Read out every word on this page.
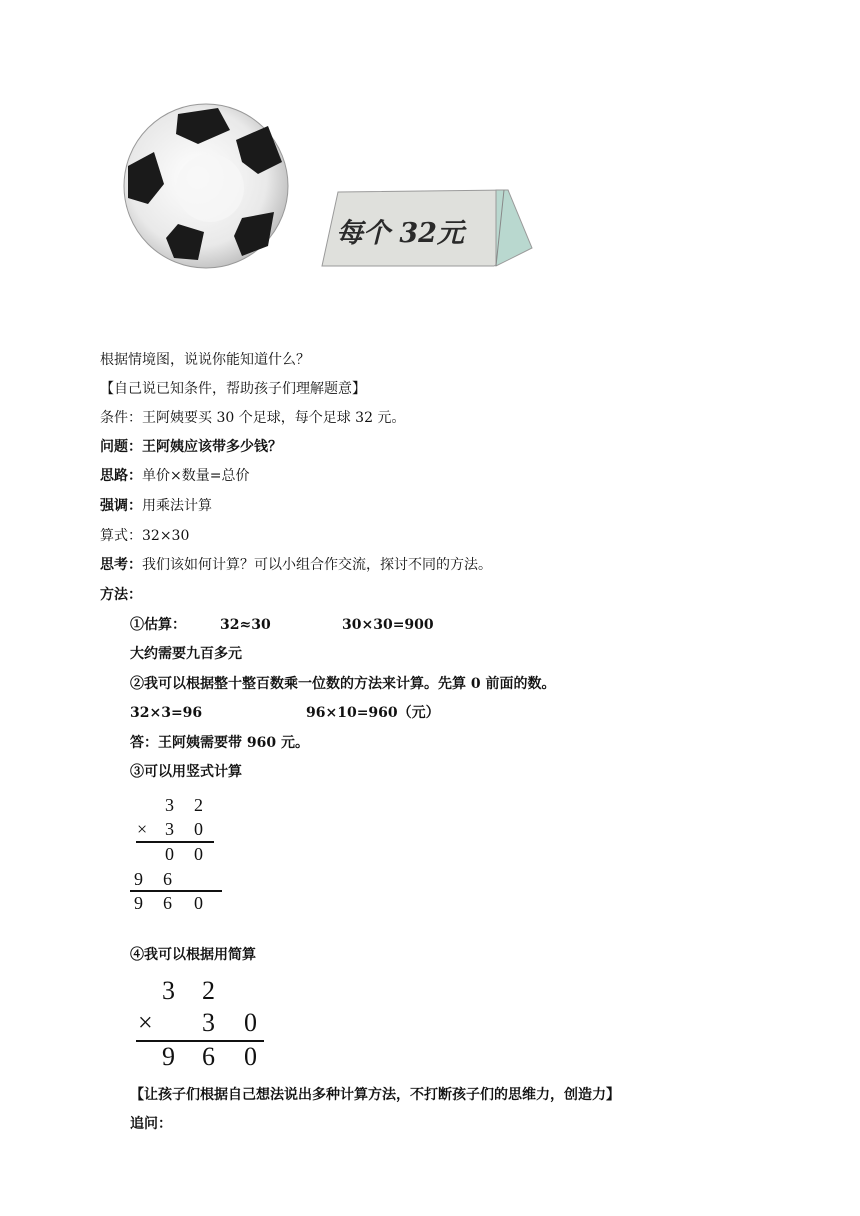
每个 32元
根据情境图，说说你能知道什么？
【自己说已知条件，帮助孩子们理解题意】
条件：王阿姨要买 30 个足球，每个足球 32 元。
问题：王阿姨应该带多少钱？
思路：单价×数量=总价
强调：用乘法计算
算式：32×30
思考：我们该如何计算？可以小组合作交流，探讨不同的方法。
方法：
①估算： 32≈30	30×30=900
大约需要九百多元
②我可以根据整十整百数乘一位数的方法来计算。先算 0 前面的数。
32×3=96	96×10=960（元）
答：王阿姨需要带 960 元。
③可以用竖式计算
3 2
× 3 0
0 0
9 6
9 6 0
④我可以根据用简算
3 2
× 3 0
9 6 0
【让孩子们根据自己想法说出多种计算方法，不打断孩子们的思维力，创造力】
追问：
